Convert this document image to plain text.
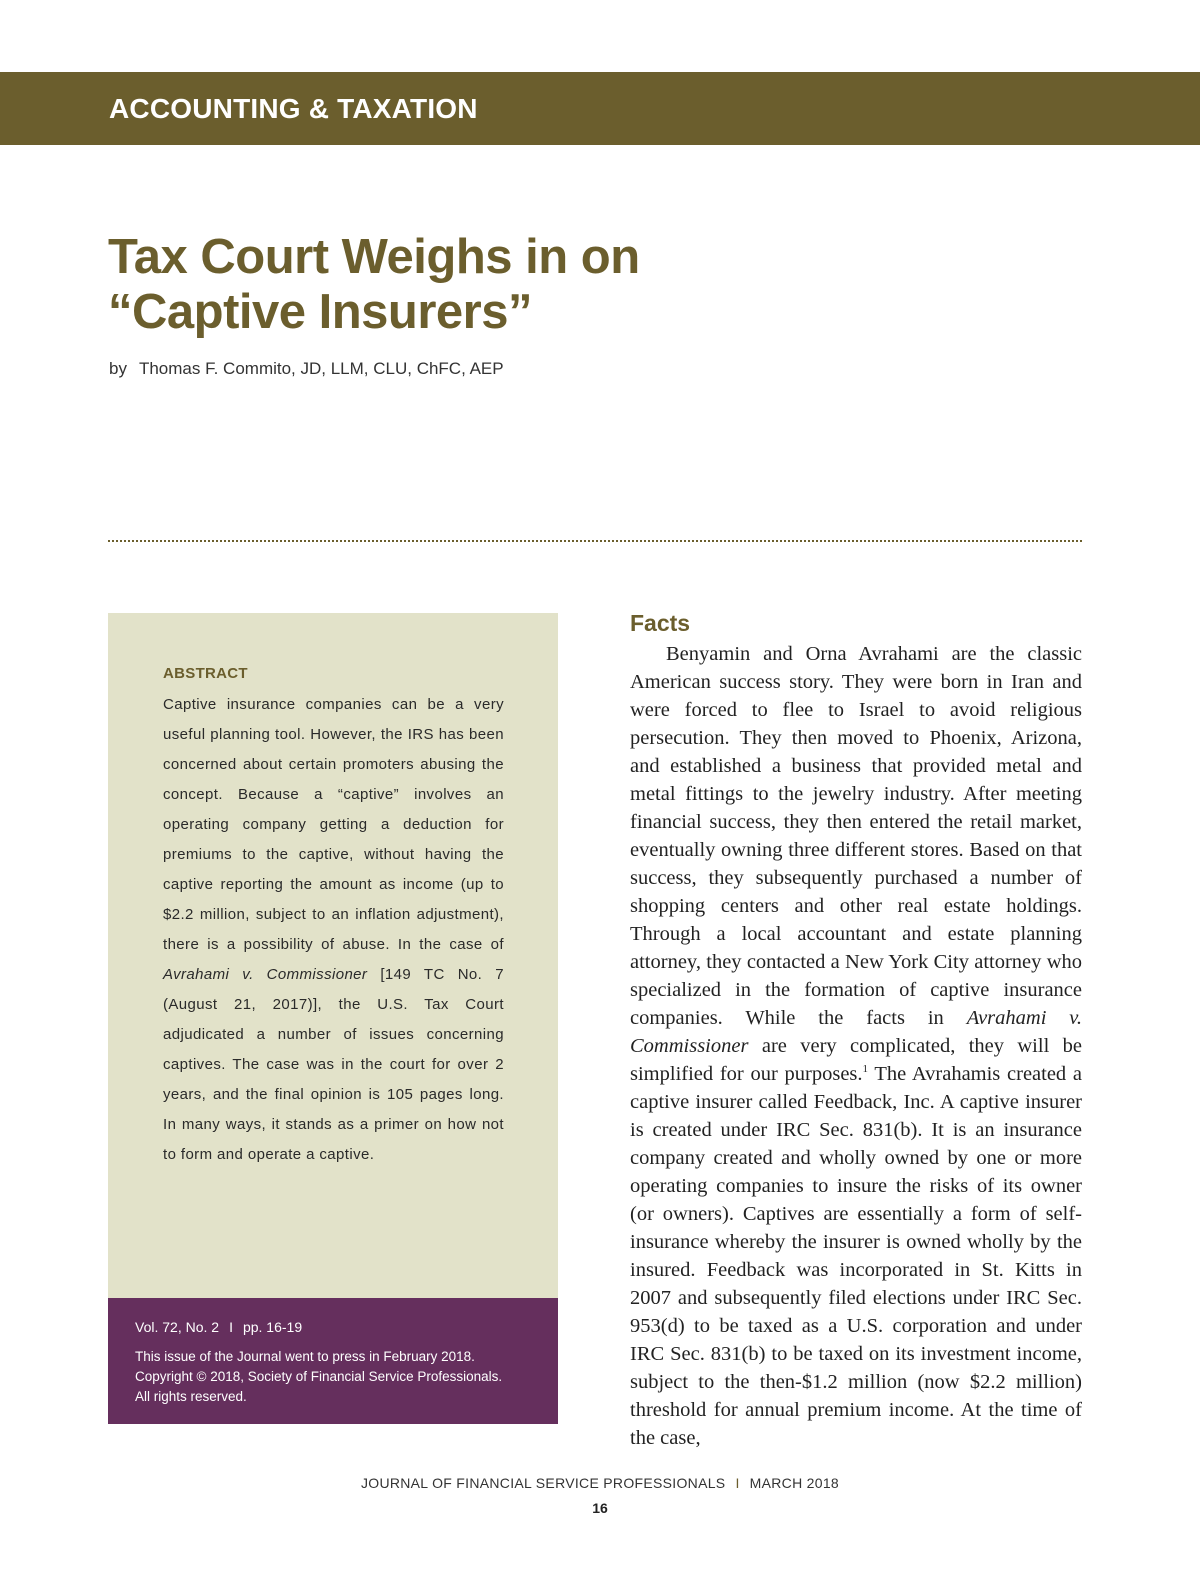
ACCOUNTING & TAXATION
Tax Court Weighs in on
“Captive Insurers”
by Thomas F. Commito, JD, LLM, CLU, ChFC, AEP
ABSTRACT

Captive insurance companies can be a very useful planning tool. However, the IRS has been concerned about certain promoters abusing the concept. Because a “captive” involves an operating company getting a deduction for premiums to the captive, without having the captive reporting the amount as income (up to $2.2 million, subject to an inflation adjustment), there is a possibility of abuse. In the case of Avrahami v. Commissioner [149 TC No. 7 (August 21, 2017)], the U.S. Tax Court adjudicated a number of issues concerning captives. The case was in the court for over 2 years, and the final opinion is 105 pages long. In many ways, it stands as a primer on how not to form and operate a captive.

Vol. 72, No. 2 I pp. 16-19

This issue of the Journal went to press in February 2018.
Copyright © 2018, Society of Financial Service Professionals.
All rights reserved.

Facts

Benyamin and Orna Avrahami are the classic American success story. They were born in Iran and were forced to flee to Israel to avoid religious persecution. They then moved to Phoenix, Arizona, and established a business that provided metal and metal fittings to the jewelry industry. After meeting financial success, they then entered the retail market, eventually owning three different stores. Based on that success, they subsequently purchased a number of shopping centers and other real estate holdings. Through a local accountant and estate planning attorney, they contacted a New York City attorney who specialized in the formation of captive insurance companies. While the facts in Avrahami v. Commissioner are very complicated, they will be simplified for our purposes.$^1$ The Avrahamis created a captive insurer called Feedback, Inc. A captive insurer is created under IRC Sec. 831(b). It is an insurance company created and wholly owned by one or more operating companies to insure the risks of its owner (or owners). Captives are essentially a form of self-insurance whereby the insurer is owned wholly by the insured. Feedback was incorporated in St. Kitts in 2007 and subsequently filed elections under IRC Sec. 953(d) to be taxed as a U.S. corporation and under IRC Sec. 831(b) to be taxed on its investment income, subject to the then-$1.2 million (now $2.2 million) threshold for annual premium income. At the time of the case,

JOURNAL OF FINANCIAL SERVICE PROFESSIONALS I MARCH 2018
16
